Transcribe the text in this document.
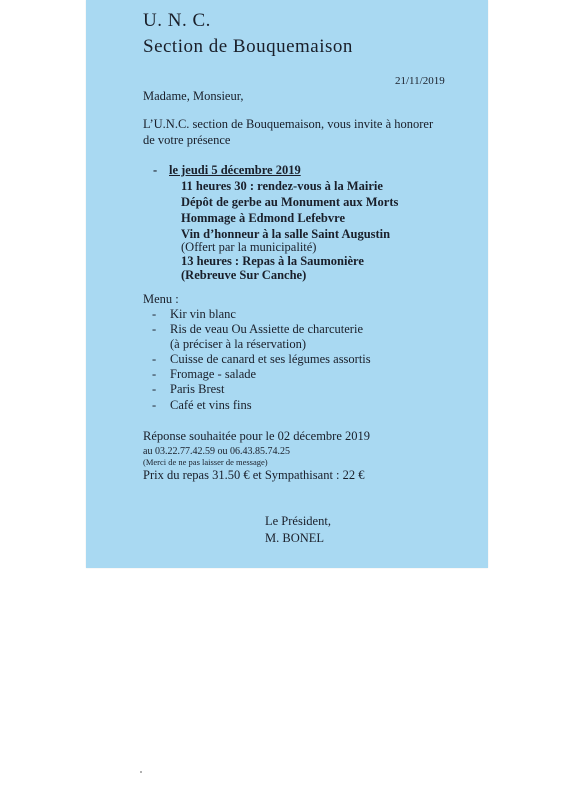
U. N. C.
Section de Bouquemaison
21/11/2019
Madame, Monsieur,
L’U.N.C. section de Bouquemaison, vous invite à honorer
de votre présence
- le jeudi 5 décembre 2019
Menu :
Réponse souhaitée pour le 02 décembre 2019
au 03.22.77.42.59 ou 06.43.85.74.25
(Merci de ne pas laisser de message)
Prix du repas 31.50 € et Sympathisant : 22 €
Le Président,
M. BONEL
11 heures 30 : rendez-vous à la Mairie
Dépôt de gerbe au Monument aux Morts
Hommage à Edmond Lefebvre
Vin d’honneur à la salle Saint Augustin
(Offert par la municipalité)
13 heures : Repas à la Saumonière
(Rebreuve Sur Canche)
- Kir vin blanc
- Ris de veau Ou Assiette de charcuterie
(à préciser à la réservation)
- Cuisse de canard et ses légumes assortis
- Fromage - salade
- Paris Brest
- Café et vins fins
